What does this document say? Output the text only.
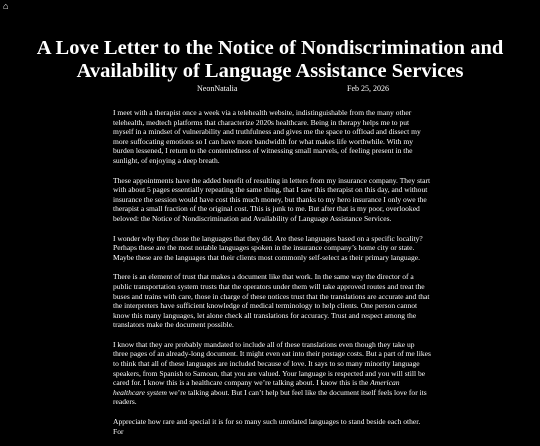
⌂
A Love Letter to the Notice of Nondiscrimination and Availability of Language Assistance Services
NeonNatalia	Feb 25, 2026

I meet with a therapist once a week via a telehealth website, indistinguishable from the many other telehealth, medtech platforms that characterize 2020s healthcare. Being in therapy helps me to put myself in a mindset of vulnerability and truthfulness and gives me the space to offload and dissect my more suffocating emotions so I can have more bandwidth for what makes life worthwhile. With my burden lessened, I return to the contentedness of witnessing small marvels, of feeling present in the sunlight, of enjoying a deep breath.

These appointments have the added benefit of resulting in letters from my insurance company. They start with about 5 pages essentially repeating the same thing, that I saw this therapist on this day, and without insurance the session would have cost this much money, but thanks to my hero insurance I only owe the therapist a small fraction of the original cost. This is junk to me. But after that is my poor, overlooked beloved: the Notice of Nondiscrimination and Availability of Language Assistance Services.

I wonder why they chose the languages that they did. Are these languages based on a specific locality? Perhaps these are the most notable languages spoken in the insurance company’s home city or state. Maybe these are the languages that their clients most commonly self-select as their primary language.

There is an element of trust that makes a document like that work. In the same way the director of a public transportation system trusts that the operators under them will take approved routes and treat the buses and trains with care, those in charge of these notices trust that the translations are accurate and that the interpreters have sufficient knowledge of medical terminology to help clients. One person cannot know this many languages, let alone check all translations for accuracy. Trust and respect among the translators make the document possible.

I know that they are probably mandated to include all of these translations even though they take up three pages of an already-long document. It might even eat into their postage costs. But a part of me likes to think that all of these languages are included because of love. It says to so many minority language speakers, from Spanish to Samoan, that you are valued. Your language is respected and you will still be cared for. I know this is a healthcare company we’re talking about. I know this is the American healthcare system we’re talking about. But I can’t help but feel like the document itself feels love for its readers.

Appreciate how rare and special it is for so many such unrelated languages to stand beside each other. For
